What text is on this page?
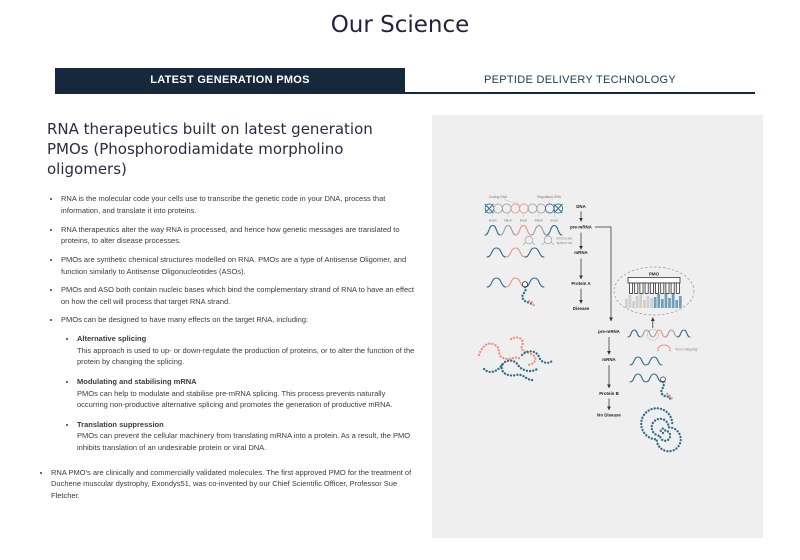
Our Science
LATEST GENERATION PMOS	PEPTIDE DELIVERY TECHNOLOGY
RNA therapeutics built on latest generation PMOs (Phosphorodiamidate morpholino oligomers)
• RNA is the molecular code your cells use to transcribe the genetic code in your DNA, process that information, and translate it into proteins.
• RNA therapeutics alter the way RNA is processed, and hence how genetic messages are translated to proteins, to alter disease processes.
• PMOs are synthetic chemical structures modelled on RNA. PMOs are a type of Antisense Oligomer, and function similarly to Antisense Oligonucleotides (ASOs).
• PMOs and ASO both contain nucleic bases which bind the complementary strand of RNA to have an effect on how the cell will process that target RNA strand.
• PMOs can be designed to have many effects on the target RNA, including:
• Alternative splicing
This approach is used to up- or down-regulate the production of proteins, or to alter the function of the protein by changing the splicing.
• Modulating and stabilising mRNA
PMOs can help to modulate and stabilise pre-mRNA splicing. This process prevents naturally occurring non-productive alternative splicing and promotes the generation of productive mRNA.
• Translation suppression
PMOs can prevent the cellular machinery from translating mRNA into a protein. As a result, the PMO inhibits translation of an undesirable protein or viral DNA.
• RNA PMO's are clinically and commercially validated molecules. The first approved PMO for the treatment of Duchene muscular dystrophy, Exondys51, was co-invented by our Chief Scientific Officer, Professor Sue Fletcher.
Coding DNA	Regulatory DNA
Exon Intron Exon Intron Exon
Introns are
spliced out
DNA
pre-mRNA
mRNA
Protein A
Disease
PMO
pre-mRNA
"Exon Skipping"
mRNA
Protein B
No Disease
